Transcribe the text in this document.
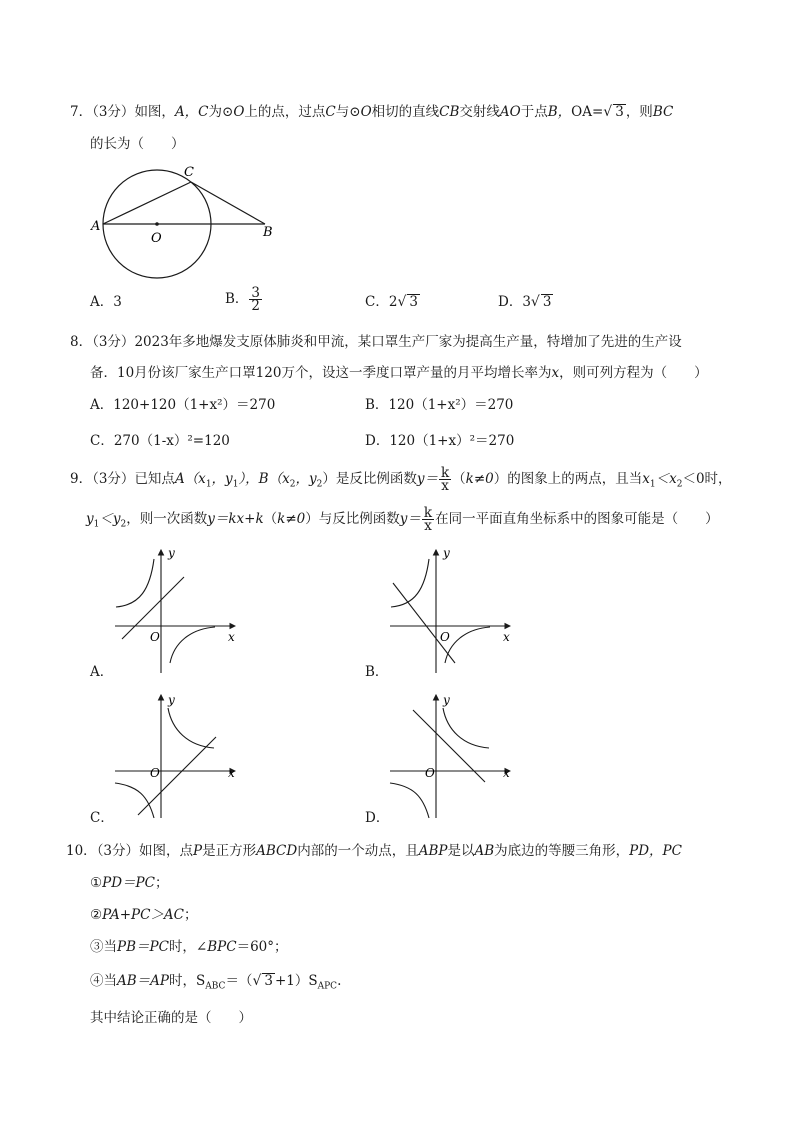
7．（3分）如图，A，C为⊙O上的点，过点C与⊙O相切的直线CB交射线AO于点B，OA=√ 3 ，则BC
的长为（　　）
A
C
O	B
A．3	B． $\frac{3}{2}$	C．2√ 3	D．3√ 3
8．（3分）2023年多地爆发支原体肺炎和甲流，某口罩生产厂家为提高生产量，特增加了先进的生产设
备．10月份该厂家生产口罩120万个，设这一季度口罩产量的月平均增长率为x，则可列方程为（　　）
A．120+120（1+x²）＝270	B．120（1+x²）＝270
C．270（1-x）²=120	D．120（1+x）²＝270
9．（3分）已知点$A(x_1$，$y_1$），$B(x_2$，$y_2$）是反比例函数$y= \frac{k}{x} (k\ne 0)$的图象上的两点，且当$x_1<x_2<0$时，
$y_1<y_2$，则一次函数y＝kx+k（k≠0）与反比例函数$y= \frac{k}{x}$ 在同一平面直角坐标系中的图象可能是（　　）
y
O	x
y
O	x
A．	B．
y
O	x
y
O	x
C．	D．
10．（3分）如图，点P是正方形ABCD内部的一个动点，且ABP是以AB为底边的等腰三角形，PD，PC
①PD＝PC；
②PA+PC＞AC；
③当PB＝PC时，∠BPC＝60°；
④当AB＝AP时，$S_{ABC}=(√$ $3 +1)S_{APC}$.
其中结论正确的是（　　）
